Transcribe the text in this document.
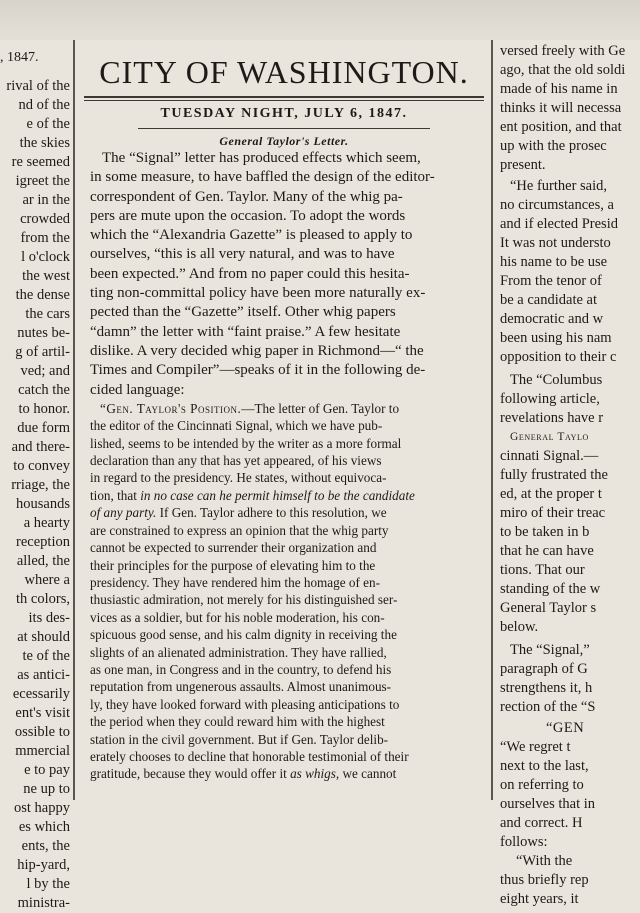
, 1847.
rival of the
nd of the
e of the
the skies
re seemed
igreet the
ar in the
crowded
from the
l o'clock
the west
the dense
the cars
nutes be-
g of artil-
ved; and
catch the
to honor.
due form
and there-
to convey
rriage, the
housands
a hearty
reception
alled, the
where a
th colors,
its des-
at should
te of the
as antici-
ecessarily
ent's visit
ossible to
mmercial
e to pay
ne up to
ost happy
es which
ents, the
hip-yard,
l by the
ministra-
CITY OF WASHINGTON.
TUESDAY NIGHT, JULY 6, 1847.
General Taylor's Letter.
The “Signal” letter has produced effects which seem,
in some measure, to have baffled the design of the editor-
correspondent of Gen. Taylor. Many of the whig pa-
pers are mute upon the occasion. To adopt the words
which the “Alexandria Gazette” is pleased to apply to
ourselves, “this is all very natural, and was to have
been expected.” And from no paper could this hesita-
ting non-committal policy have been more naturally ex-
pected than the “Gazette” itself. Other whig papers
“damn” the letter with “faint praise.” A few hesitate
dislike. A very decided whig paper in Richmond—“ the
Times and Compiler”—speaks of it in the following de-
cided language:
“Gen. Taylor's Position.—The letter of Gen. Taylor to
the editor of the Cincinnati Signal, which we have pub-
lished, seems to be intended by the writer as a more formal
declaration than any that has yet appeared, of his views
in regard to the presidency. He states, without equivoca-
tion, that in no case can he permit himself to be the candidate
of any party. If Gen. Taylor adhere to this resolution, we
are constrained to express an opinion that the whig party
cannot be expected to surrender their organization and
their principles for the purpose of elevating him to the
presidency. They have rendered him the homage of en-
thusiastic admiration, not merely for his distinguished ser-
vices as a soldier, but for his noble moderation, his con-
spicuous good sense, and his calm dignity in receiving the
slights of an alienated administration. They have rallied,
as one man, in Congress and in the country, to defend his
reputation from ungenerous assaults. Almost unanimous-
ly, they have looked forward with pleasing anticipations to
the period when they could reward him with the highest
station in the civil government. But if Gen. Taylor delib-
erately chooses to decline that honorable testimonial of their
gratitude, because they would offer it as whigs, we cannot
versed freely with Ge
ago, that the old soldi
made of his name in
thinks it will necessa
ent position, and that
up with the prosec
present.
“He further said,
no circumstances, a
and if elected Presid
It was not understo
his name to be use
From the tenor of
be a candidate at
democratic and w
been using his nam
opposition to their c
The “Columbus
following article,
revelations have r
General Taylo
cinnati Signal.—
fully frustrated the
ed, at the proper t
miro of their treac
to be taken in b
that he can have
tions. That our
standing of the w
General Taylor s
below.
The “Signal,”
paragraph of G
strengthens it, h
rection of the “S
“GEN
“We regret t
next to the last,
on referring to
ourselves that in
and correct. H
follows:
“With the
thus briefly rep
eight years, it
